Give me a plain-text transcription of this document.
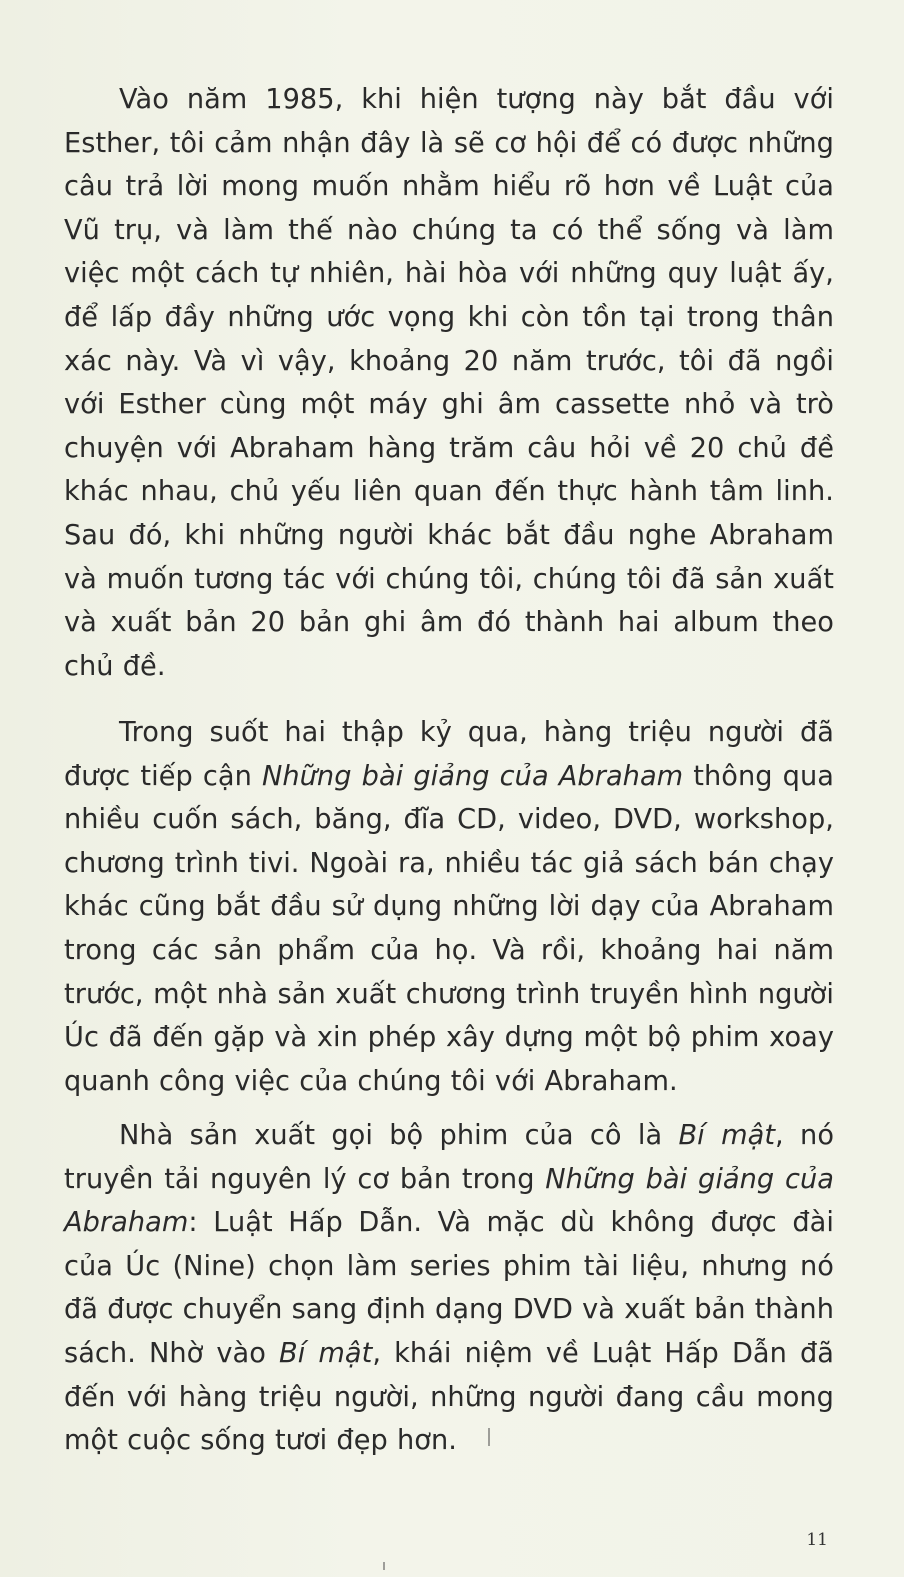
Vào năm 1985, khi hiện tượng này bắt đầu với Esther, tôi cảm nhận đây là sẽ cơ hội để có được những câu trả lời mong muốn nhằm hiểu rõ hơn về Luật của Vũ trụ, và làm thế nào chúng ta có thể sống và làm việc một cách tự nhiên, hài hòa với những quy luật ấy, để lấp đầy những ước vọng khi còn tồn tại trong thân xác này. Và vì vậy, khoảng 20 năm trước, tôi đã ngồi với Esther cùng một máy ghi âm cassette nhỏ và trò chuyện với Abraham hàng trăm câu hỏi về 20 chủ đề khác nhau, chủ yếu liên quan đến thực hành tâm linh. Sau đó, khi những người khác bắt đầu nghe Abraham và muốn tương tác với chúng tôi, chúng tôi đã sản xuất và xuất bản 20 bản ghi âm đó thành hai album theo chủ đề.

Trong suốt hai thập kỷ qua, hàng triệu người đã được tiếp cận Những bài giảng của Abraham thông qua nhiều cuốn sách, băng, đĩa CD, video, DVD, workshop, chương trình tivi. Ngoài ra, nhiều tác giả sách bán chạy khác cũng bắt đầu sử dụng những lời dạy của Abraham trong các sản phẩm của họ. Và rồi, khoảng hai năm trước, một nhà sản xuất chương trình truyền hình người Úc đã đến gặp và xin phép xây dựng một bộ phim xoay quanh công việc của chúng tôi với Abraham.

Nhà sản xuất gọi bộ phim của cô là Bí mật, nó truyền tải nguyên lý cơ bản trong Những bài giảng của Abraham: Luật Hấp Dẫn. Và mặc dù không được đài của Úc (Nine) chọn làm series phim tài liệu, nhưng nó đã được chuyển sang định dạng DVD và xuất bản thành sách. Nhờ vào Bí mật, khái niệm về Luật Hấp Dẫn đã đến với hàng triệu người, những người đang cầu mong một cuộc sống tươi đẹp hơn.

11
